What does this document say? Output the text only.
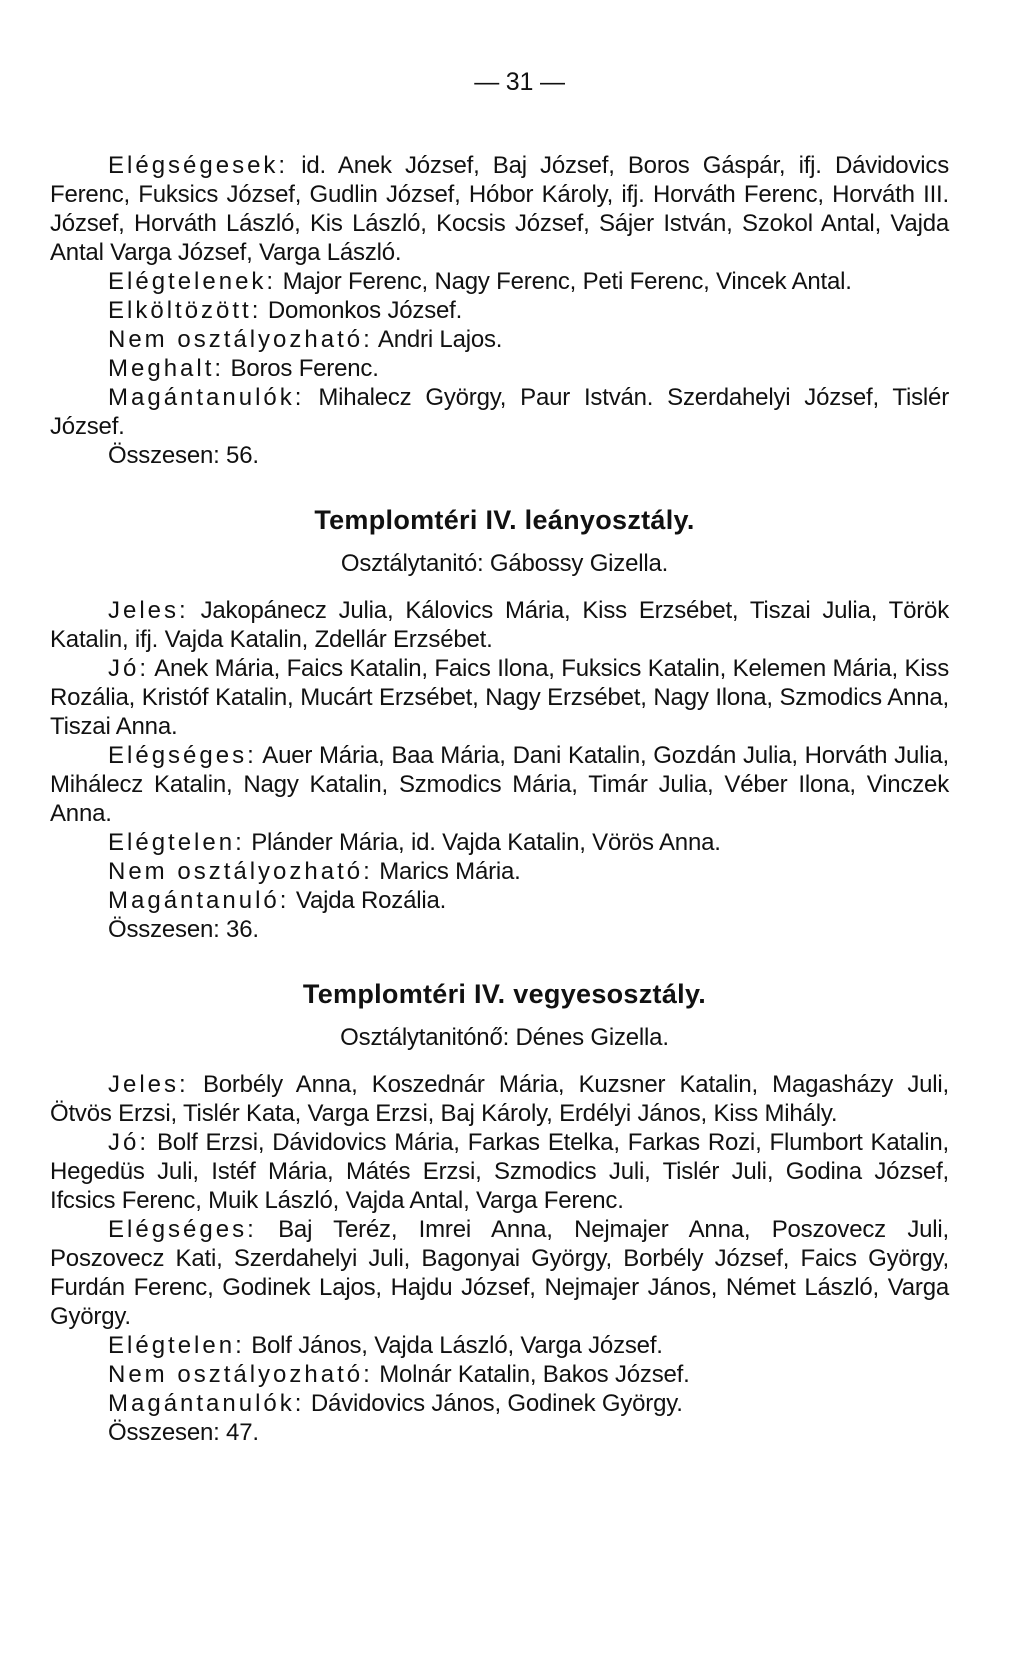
— 31 —

Elégségesek: id. Anek József, Baj József, Boros Gáspár, ifj. Dávidovics Ferenc, Fuksics József, Gudlin József, Hóbor Károly, ifj. Horváth Ferenc, Horváth III. József, Horváth László, Kis László, Kocsis József, Sájer István, Szokol Antal, Vajda Antal Varga József, Varga László.

Elégtelenek: Major Ferenc, Nagy Ferenc, Peti Ferenc, Vincek Antal.

Elköltözött: Domonkos József.

Nem osztályozható: Andri Lajos.

Meghalt: Boros Ferenc.

Magántanulók: Mihalecz György, Paur István. Szerdahelyi József, Tislér József.

Összesen: 56.

Templomtéri IV. leányosztály.
Osztálytanitó: Gábossy Gizella.

Jeles: Jakopánecz Julia, Kálovics Mária, Kiss Erzsébet, Tiszai Julia, Török Katalin, ifj. Vajda Katalin, Zdellár Erzsébet.

Jó: Anek Mária, Faics Katalin, Faics Ilona, Fuksics Katalin, Kelemen Mária, Kiss Rozália, Kristóf Katalin, Mucárt Erzsébet, Nagy Erzsébet, Nagy Ilona, Szmodics Anna, Tiszai Anna.

Elégséges: Auer Mária, Baa Mária, Dani Katalin, Gozdán Julia, Horváth Julia, Mihálecz Katalin, Nagy Katalin, Szmodics Mária, Timár Julia, Véber Ilona, Vinczek Anna.

Elégtelen: Plánder Mária, id. Vajda Katalin, Vörös Anna.

Nem osztályozható: Marics Mária.

Magántanuló: Vajda Rozália.

Összesen: 36.

Templomtéri IV. vegyesosztály.
Osztálytanitónő: Dénes Gizella.

Jeles: Borbély Anna, Koszednár Mária, Kuzsner Katalin, Magasházy Juli, Ötvös Erzsi, Tislér Kata, Varga Erzsi, Baj Károly, Erdélyi János, Kiss Mihály.

Jó: Bolf Erzsi, Dávidovics Mária, Farkas Etelka, Farkas Rozi, Flumbort Katalin, Hegedüs Juli, Istéf Mária, Mátés Erzsi, Szmodics Juli, Tislér Juli, Godina József, Ifcsics Ferenc, Muik László, Vajda Antal, Varga Ferenc.

Elégséges: Baj Teréz, Imrei Anna, Nejmajer Anna, Poszovecz Juli, Poszovecz Kati, Szerdahelyi Juli, Bagonyai György, Borbély József, Faics György, Furdán Ferenc, Godinek Lajos, Hajdu József, Nejmajer János, Német László, Varga György.

Elégtelen: Bolf János, Vajda László, Varga József.

Nem osztályozható: Molnár Katalin, Bakos József.

Magántanulók: Dávidovics János, Godinek György.

Összesen: 47.
